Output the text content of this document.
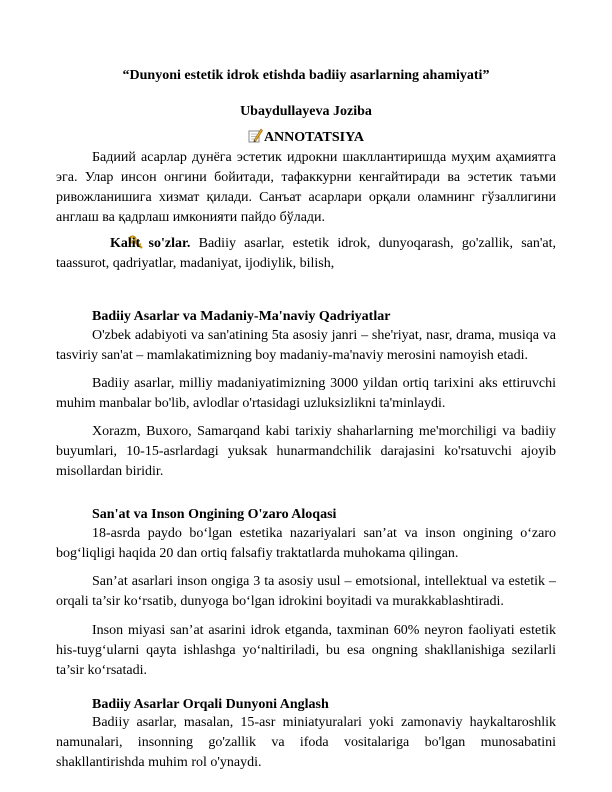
“Dunyoni estetik idrok etishda badiiy asarlarning ahamiyati”
Ubaydullayeva Joziba
ANNOTATSIYA
Бадиий асарлар дунёга эстетик идрокни шакллантиришда муҳим аҳамиятга эга. Улар инсон онгини бойитади, тафаккурни кенгайтиради ва эстетик таъми ривожланишига хизмат қилади. Санъат асарлари орқали оламнинг гўзаллигини англаш ва қадрлаш имконияти пайдо бўлади.
Kalit so'zlar. Badiiy asarlar, estetik idrok, dunyoqarash, go'zallik, san'at, taassurot, qadriyatlar, madaniyat, ijodiylik, bilish,
Badiiy Asarlar va Madaniy-Ma'naviy Qadriyatlar
O'zbek adabiyoti va san'atining 5ta asosiy janri – she'riyat, nasr, drama, musiqa va tasviriy san'at – mamlakatimizning boy madaniy-ma'naviy merosini namoyish etadi.
Badiiy asarlar, milliy madaniyatimizning 3000 yildan ortiq tarixini aks ettiruvchi muhim manbalar bo'lib, avlodlar o'rtasidagi uzluksizlikni ta'minlaydi.
Xorazm, Buxoro, Samarqand kabi tarixiy shaharlarning me'morchiligi va badiiy buyumlari, 10-15-asrlardagi yuksak hunarmandchilik darajasini ko'rsatuvchi ajoyib misollardan biridir.
San'at va Inson Ongining O'zaro Aloqasi
18-asrda paydo bo‘lgan estetika nazariyalari san’at va inson ongining o‘zaro bog‘liqligi haqida 20 dan ortiq falsafiy traktatlarda muhokama qilingan.
San’at asarlari inson ongiga 3 ta asosiy usul – emotsional, intellektual va estetik – orqali ta’sir ko‘rsatib, dunyoga bo‘lgan idrokini boyitadi va murakkablashtiradi.
Inson miyasi san’at asarini idrok etganda, taxminan 60% neyron faoliyati estetik his-tuyg‘ularni qayta ishlashga yo‘naltiriladi, bu esa ongning shakllanishiga sezilarli ta’sir ko‘rsatadi.
Badiiy Asarlar Orqali Dunyoni Anglash
Badiiy asarlar, masalan, 15-asr miniatyuralari yoki zamonaviy haykaltaroshlik namunalari, insonning go'zallik va ifoda vositalariga bo'lgan munosabatini shakllantirishda muhim rol o'ynaydi.
